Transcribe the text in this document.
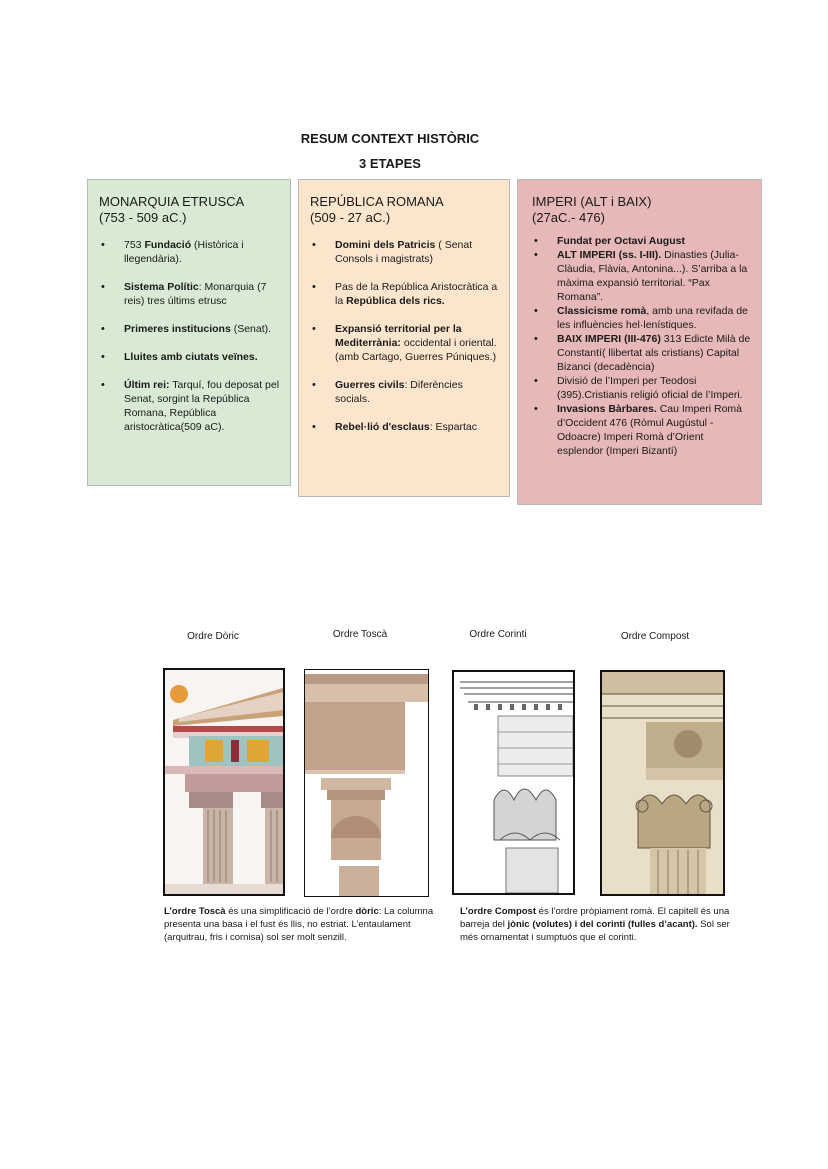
RESUM CONTEXT HISTÒRIC
3 ETAPES
MONARQUIA ETRUSCA
(753 - 509 aC.)
• 753 Fundació (Històrica i llegendària).
• Sistema Polític: Monarquia (7 reis) tres últims etrusc
• Primeres institucions (Senat).
• Lluites amb ciutats veïnes.
• Últim rei: Tarquí, fou deposat pel Senat, sorgint la República Romana, República aristocràtica(509 aC).
REPÚBLICA ROMANA
(509 - 27 aC.)
• Domini dels Patricis ( Senat Consols i magistrats)
• Pas de la República Aristocràtica a la República dels rics.
• Expansió territorial per la Mediterrània: occidental i oriental. (amb Cartago, Guerres Púniques.)
• Guerres civils: Diferències socials.
• Rebel·lió d'esclaus: Espartac
IMPERI (ALT i BAIX)
(27aC.- 476)
• Fundat per Octavi August
• ALT IMPERI (ss. I-III). Dinasties (Julia-Clàudia, Flàvia, Antonina...). S’arriba a la màxima expansió territorial. “Pax Romana”.
• Classicisme romà, amb una revifada de les influències hel·lenístiques.
• BAIX IMPERI (III-476) 313 Edicte Milà de Constantí( llibertat als cristians) Capital Bizanci (decadència)
• Divisió de l’Imperi per Teodosi (395).Cristianis religió oficial de l’Imperi.
• Invasions Bàrbares. Cau Imperi Romà d’Occident 476 (Ròmul Augústul - Odoacre) Imperi Romà d’Orient esplendor (Imperi Bizantí)
Ordre Dòric	Ordre Toscà	Ordre Corinti	Ordre Compost
L’ordre Toscà és una simplificació de l’ordre dòric: La columna presenta una basa i el fust és llis, no estriat. L’entaulament (arquitrau, fris i cornisa) sol ser molt senzill.
L’ordre Compost és l’ordre pròpiament romà. El capitell és una barreja del jònic (volutes) i del corinti (fulles d’acant). Sol ser més ornamentat i sumptuós que el corinti.
